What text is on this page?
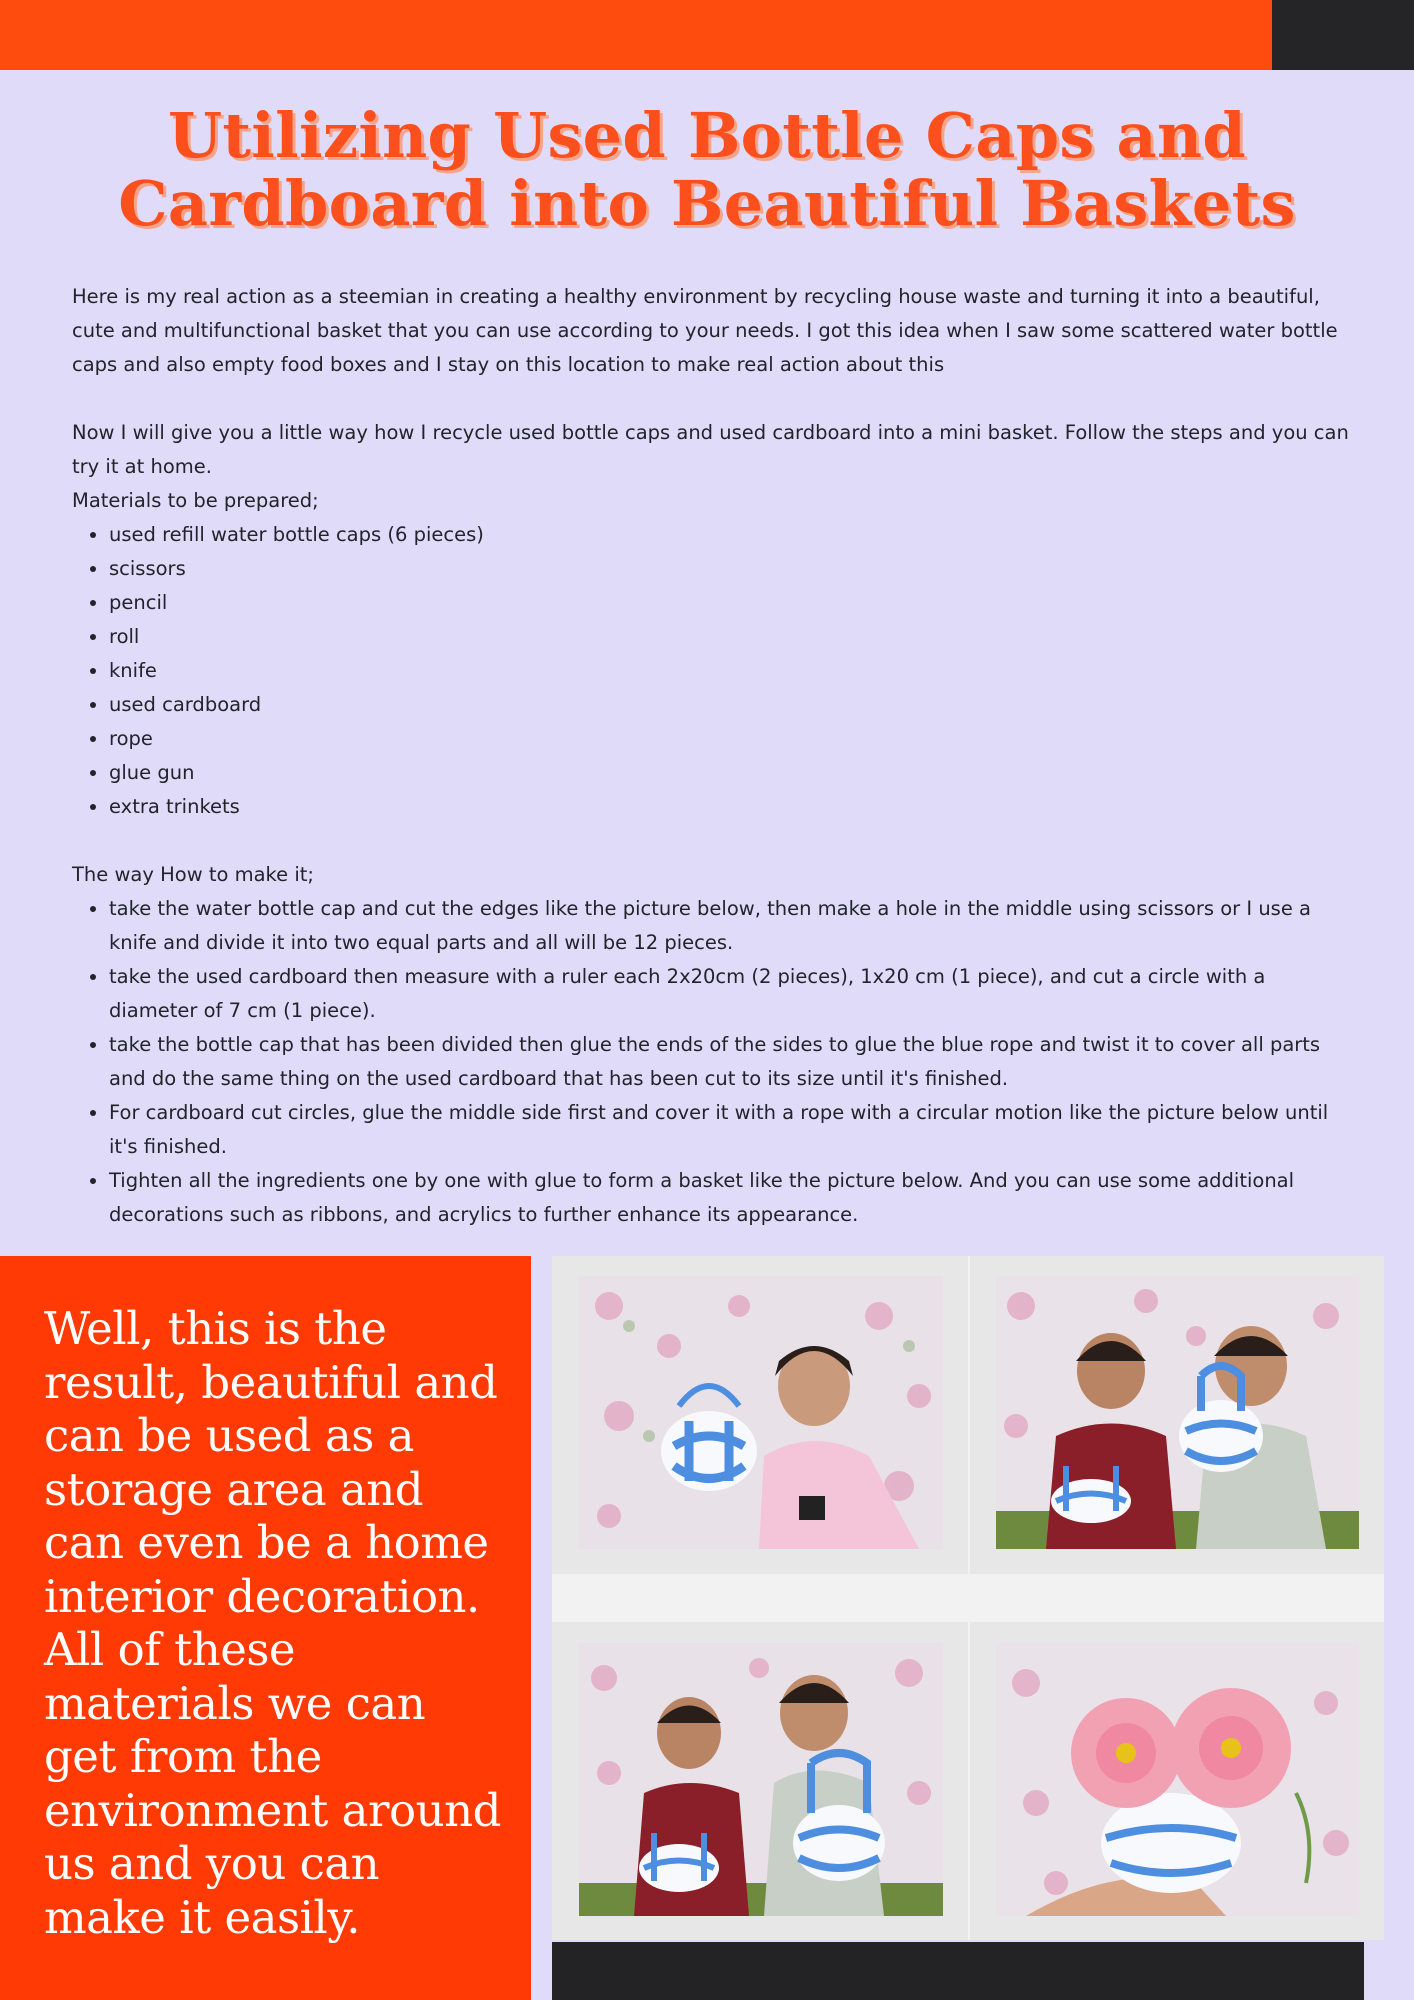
Utilizing Used Bottle Caps and Cardboard into Beautiful Baskets

Here is my real action as a steemian in creating a healthy environment by recycling house waste and turning it into a beautiful, cute and multifunctional basket that you can use according to your needs. I got this idea when I saw some scattered water bottle caps and also empty food boxes and I stay on this location to make real action about this

Now I will give you a little way how I recycle used bottle caps and used cardboard into a mini basket. Follow the steps and you can try it at home.

Materials to be prepared;

• used refill water bottle caps (6 pieces)
• scissors
• pencil
• roll
• knife
• used cardboard
• rope
• glue gun
• extra trinkets

The way How to make it;

• take the water bottle cap and cut the edges like the picture below, then make a hole in the middle using scissors or I use a knife and divide it into two equal parts and all will be 12 pieces.
• take the used cardboard then measure with a ruler each 2x20cm (2 pieces), 1x20 cm (1 piece), and cut a circle with a diameter of 7 cm (1 piece).
• take the bottle cap that has been divided then glue the ends of the sides to glue the blue rope and twist it to cover all parts and do the same thing on the used cardboard that has been cut to its size until it's finished.
• For cardboard cut circles, glue the middle side first and cover it with a rope with a circular motion like the picture below until it's finished.
• Tighten all the ingredients one by one with glue to form a basket like the picture below. And you can use some additional decorations such as ribbons, and acrylics to further enhance its appearance.

Well, this is the result, beautiful and can be used as a storage area and can even be a home interior decoration. All of these materials we can get from the environment around us and you can make it easily.
